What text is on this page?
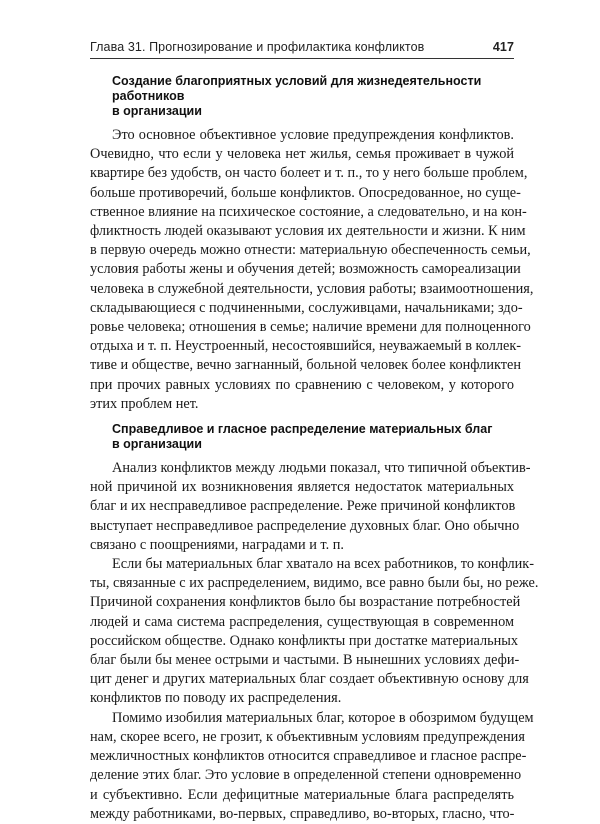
Глава 31. Прогнозирование и профилактика конфликтов	417
Создание благоприятных условий для жизнедеятельности работников
в организации

Это основное объективное условие предупреждения конфликтов.
Очевидно, что если у человека нет жилья, семья проживает в чужой
квартире без удобств, он часто болеет и т. п., то у него больше проблем,
больше противоречий, больше конфликтов. Опосредованное, но суще-
ственное влияние на психическое состояние, а следовательно, и на кон-
фликтность людей оказывают условия их деятельности и жизни. К ним
в первую очередь можно отнести: материальную обеспеченность семьи,
условия работы жены и обучения детей; возможность самореализации
человека в служебной деятельности, условия работы; взаимоотношения,
складывающиеся с подчиненными, сослуживцами, начальниками; здо-
ровье человека; отношения в семье; наличие времени для полноценного
отдыха и т. п. Неустроенный, несостоявшийся, неуважаемый в коллек-
тиве и обществе, вечно загнанный, больной человек более конфликтен
при прочих равных условиях по сравнению с человеком, у которого
этих проблем нет.

Справедливое и гласное распределение материальных благ
в организации

Анализ конфликтов между людьми показал, что типичной объектив-
ной причиной их возникновения является недостаток материальных
благ и их несправедливое распределение. Реже причиной конфликтов
выступает несправедливое распределение духовных благ. Оно обычно
связано с поощрениями, наградами и т. п.

Если бы материальных благ хватало на всех работников, то конфлик-
ты, связанные с их распределением, видимо, все равно были бы, но реже.
Причиной сохранения конфликтов было бы возрастание потребностей
людей и сама система распределения, существующая в современном
российском обществе. Однако конфликты при достатке материальных
благ были бы менее острыми и частыми. В нынешних условиях дефи-
цит денег и других материальных благ создает объективную основу для
конфликтов по поводу их распределения.

Помимо изобилия материальных благ, которое в обозримом будущем
нам, скорее всего, не грозит, к объективным условиям предупреждения
межличностных конфликтов относится справедливое и гласное распре-
деление этих благ. Это условие в определенной степени одновременно
и субъективно. Если дефицитные материальные блага распределять
между работниками, во-первых, справедливо, во-вторых, гласно, что-
